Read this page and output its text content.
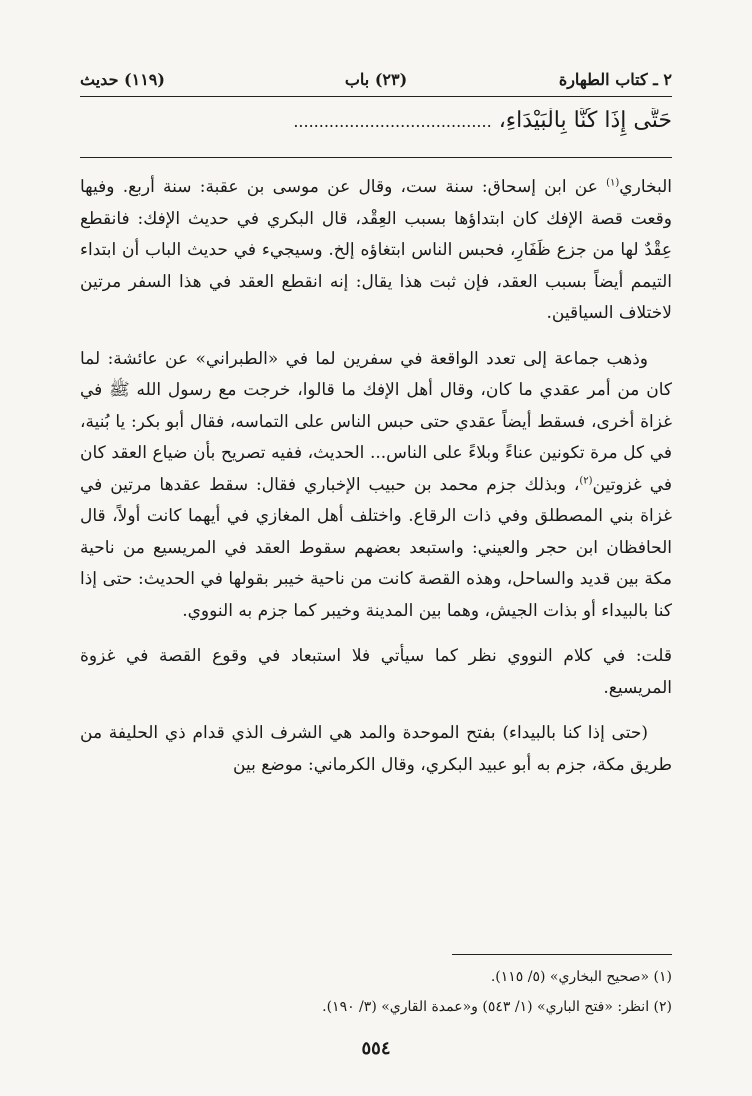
٢ ـ كتاب الطهارة
(٢٣) باب
(١١٩) حديث
حَتَّى إِذَا كُنَّا بِالْبَيْدَاءِ، .......................................

البخاري$^{(١)}$ عن ابن إسحاق: سنة ست، وقال عن موسى بن عقبة: سنة أربع. وفيها وقعت قصة الإفك كان ابتداؤها بسبب العِقْد، قال البكري في حديث الإفك: فانقطع عِقْدٌ لها من جزع ظَفَارِ، فحبس الناس ابتغاؤه إلخ. وسيجيء في حديث الباب أن ابتداء التيمم أيضاً بسبب العقد، فإن ثبت هذا يقال: إنه انقطع العقد في هذا السفر مرتين لاختلاف السياقين.

وذهب جماعة إلى تعدد الواقعة في سفرين لما في «الطبراني» عن عائشة: لما كان من أمر عقدي ما كان، وقال أهل الإفك ما قالوا، خرجت مع رسول الله ﷺ في غزاة أخرى، فسقط أيضاً عقدي حتى حبس الناس على التماسه، فقال أبو بكر: يا بُنية، في كل مرة تكونين عناءً وبلاءً على الناس... الحديث، ففيه تصريح بأن ضياع العقد كان في غزوتين$^{(٢)}$، وبذلك جزم محمد بن حبيب الإخباري فقال: سقط عقدها مرتين في غزاة بني المصطلق وفي ذات الرقاع. واختلف أهل المغازي في أيهما كانت أولاً، قال الحافظان ابن حجر والعيني: واستبعد بعضهم سقوط العقد في المريسيع من ناحية مكة بين قديد والساحل، وهذه القصة كانت من ناحية خيبر بقولها في الحديث: حتى إذا كنا بالبيداء أو بذات الجيش، وهما بين المدينة وخيبر كما جزم به النووي.

قلت: في كلام النووي نظر كما سيأتي فلا استبعاد في وقوع القصة في غزوة المريسيع.

(حتى إذا كنا بالبيداء) بفتح الموحدة والمد هي الشرف الذي قدام ذي الحليفة من طريق مكة، جزم به أبو عبيد البكري، وقال الكرماني: موضع بين

(١) «صحيح البخاري» (٥/ ١١٥).

(٢) انظر: «فتح الباري» (١/ ٥٤٣) و«عمدة القاري» (٣/ ١٩٠).

٥٥٤
